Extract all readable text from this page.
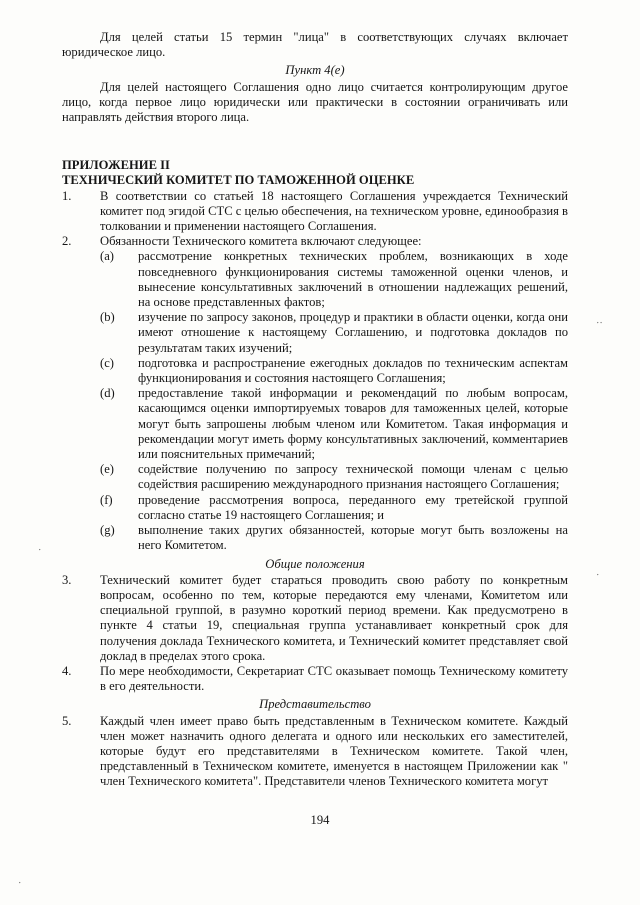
Для целей статьи 15 термин "лица" в соответствующих случаях включает юридическое лицо.

Пункт 4(е)

Для целей настоящего Соглашения одно лицо считается контролирующим другое лицо, когда первое лицо юридически или практически в состоянии ограничивать или направлять действия второго лица.

ПРИЛОЖЕНИЕ II

ТЕХНИЧЕСКИЙ КОМИТЕТ ПО ТАМОЖЕННОЙ ОЦЕНКЕ

1.	В соответствии со статьей 18 настоящего Соглашения учреждается Технический комитет под эгидой СТС с целью обеспечения, на техническом уровне, единообразия в толковании и применении настоящего Соглашения.
2.	Обязанности Технического комитета включают следующее:
(a)	рассмотрение конкретных технических проблем, возникающих в ходе повседневного функционирования системы таможенной оценки членов, и вынесение консультативных заключений в отношении надлежащих решений, на основе представленных фактов;
(b)	изучение по запросу законов, процедур и практики в области оценки, когда они имеют отношение к настоящему Соглашению, и подготовка докладов по результатам таких изучений;
(c)	подготовка и распространение ежегодных докладов по техническим аспектам функционирования и состояния настоящего Соглашения;
(d)	предоставление такой информации и рекомендаций по любым вопросам, касающимся оценки импортируемых товаров для таможенных целей, которые могут быть запрошены любым членом или Комитетом. Такая информация и рекомендации могут иметь форму консультативных заключений, комментариев или пояснительных примечаний;
(e)	содействие получению по запросу технической помощи членам с целью содействия расширению международного признания настоящего Соглашения;
(f)	проведение рассмотрения вопроса, переданного ему третейской группой согласно статье 19 настоящего Соглашения; и
(g)	выполнение таких других обязанностей, которые могут быть возложены на него Комитетом.

Общие положения

3.	Технический комитет будет стараться проводить свою работу по конкретным вопросам, особенно по тем, которые передаются ему членами, Комитетом или специальной группой, в разумно короткий период времени. Как предусмотрено в пункте 4 статьи 19, специальная группа устанавливает конкретный срок для получения доклада Технического комитета, и Технический комитет представляет свой доклад в пределах этого срока.
4.	По мере необходимости, Секретариат СТС оказывает помощь Техническому комитету в его деятельности.

Представительство

5.	Каждый член имеет право быть представленным в Техническом комитете. Каждый член может назначить одного делегата и одного или нескольких его заместителей, которые будут его представителями в Техническом комитете. Такой член, представленный в Техническом комитете, именуется в настоящем Приложении как " член Технического комитета". Представители членов Технического комитета могут
194
⋅⋅
⋅
⋅
⋅
